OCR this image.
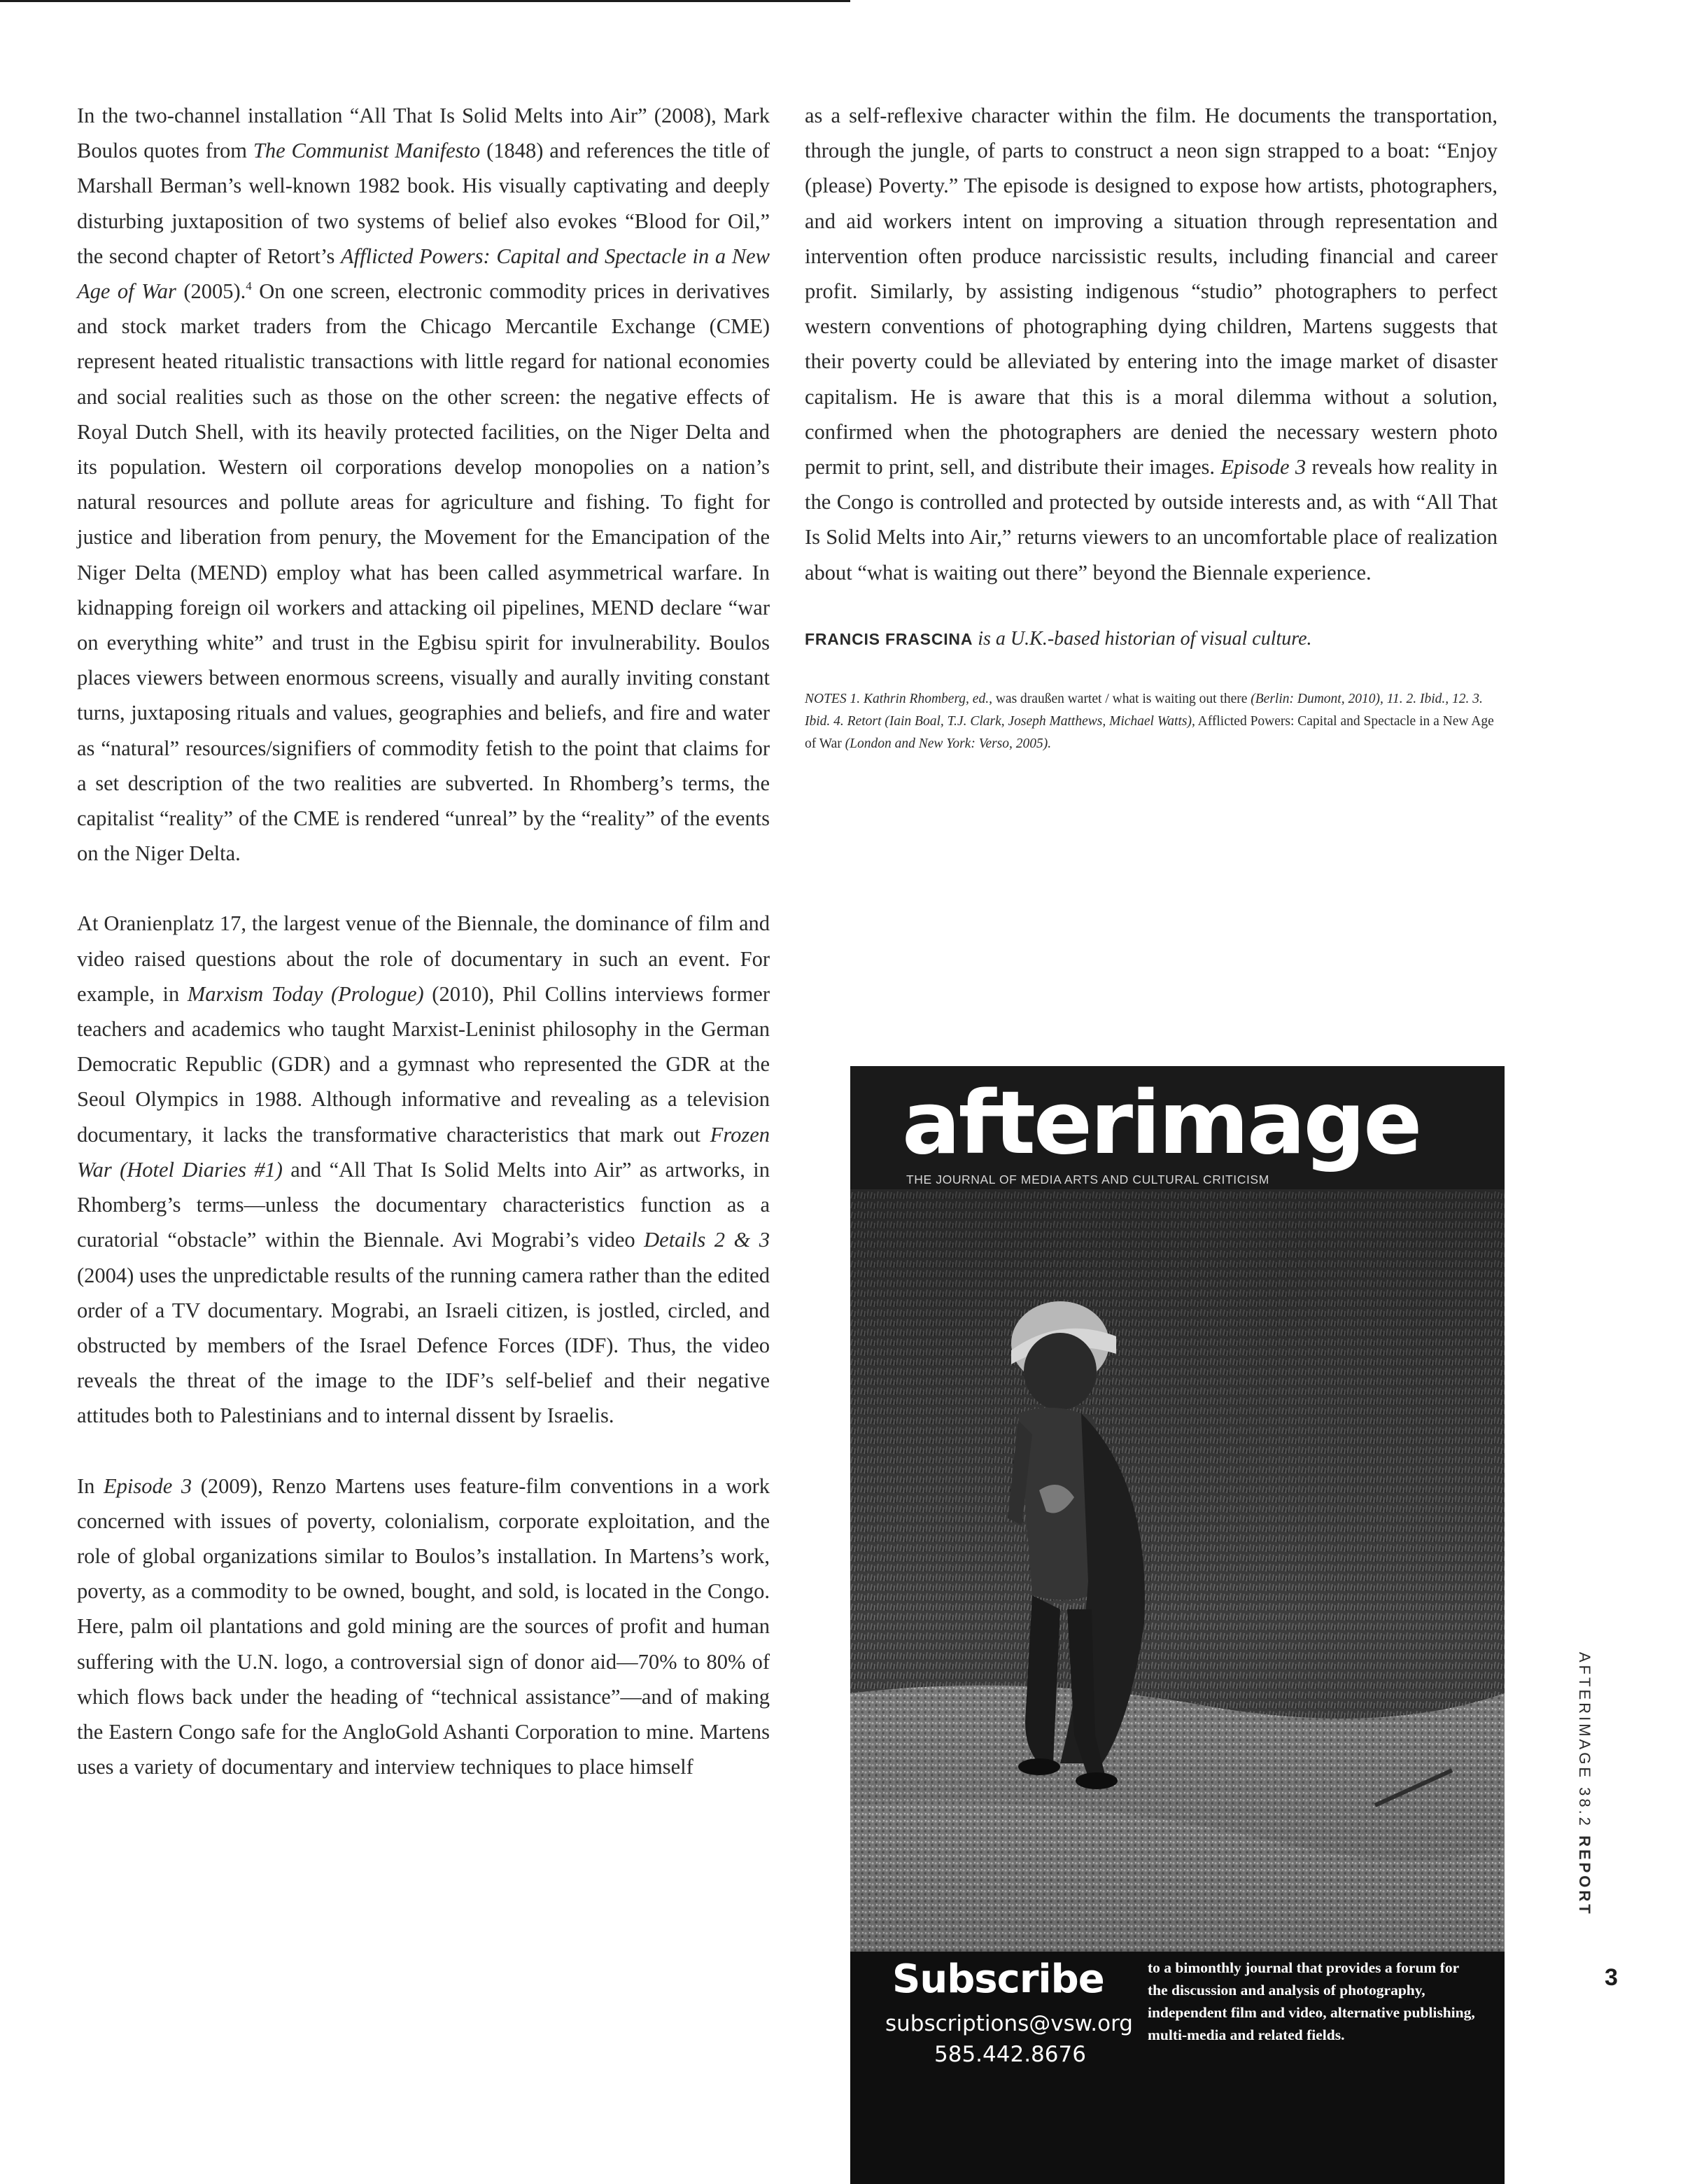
In the two-channel installation “All That Is Solid Melts into Air” (2008), Mark Boulos quotes from The Communist Manifesto (1848) and references the title of Marshall Berman’s well-known 1982 book. His visually captivating and deeply disturbing juxtaposition of two systems of belief also evokes “Blood for Oil,” the second chapter of Retort’s Afflicted Powers: Capital and Spectacle in a New Age of War (2005).$^4$ On one screen, electronic commodity prices in derivatives and stock market traders from the Chicago Mercantile Exchange (CME) represent heated ritualistic transactions with little regard for national economies and social realities such as those on the other screen: the negative effects of Royal Dutch Shell, with its heavily protected facilities, on the Niger Delta and its population. Western oil corporations develop monopolies on a nation’s natural resources and pollute areas for agriculture and fishing. To fight for justice and liberation from penury, the Movement for the Emancipation of the Niger Delta (MEND) employ what has been called asymmetrical warfare. In kidnapping foreign oil workers and attacking oil pipelines, MEND declare “war on everything white” and trust in the Egbisu spirit for invulnerability. Boulos places viewers between enormous screens, visually and aurally inviting constant turns, juxtaposing rituals and values, geographies and beliefs, and fire and water as “natural” resources/signifiers of commodity fetish to the point that claims for a set description of the two realities are subverted. In Rhomberg’s terms, the capitalist “reality” of the CME is rendered “unreal” by the “reality” of the events on the Niger Delta.

At Oranienplatz 17, the largest venue of the Biennale, the dominance of film and video raised questions about the role of documentary in such an event. For example, in Marxism Today (Prologue) (2010), Phil Collins interviews former teachers and academics who taught Marxist-Leninist philosophy in the German Democratic Republic (GDR) and a gymnast who represented the GDR at the Seoul Olympics in 1988. Although informative and revealing as a television documentary, it lacks the transformative characteristics that mark out Frozen War (Hotel Diaries #1) and “All That Is Solid Melts into Air” as artworks, in Rhomberg’s terms—unless the documentary characteristics function as a curatorial “obstacle” within the Biennale. Avi Mograbi’s video Details 2 & 3 (2004) uses the unpredictable results of the running camera rather than the edited order of a TV documentary. Mograbi, an Israeli citizen, is jostled, circled, and obstructed by members of the Israel Defence Forces (IDF). Thus, the video reveals the threat of the image to the IDF’s self-belief and their negative attitudes both to Palestinians and to internal dissent by Israelis.

In Episode 3 (2009), Renzo Martens uses feature-film conventions in a work concerned with issues of poverty, colonialism, corporate exploitation, and the role of global organizations similar to Boulos’s installation. In Martens’s work, poverty, as a commodity to be owned, bought, and sold, is located in the Congo. Here, palm oil plantations and gold mining are the sources of profit and human suffering with the U.N. logo, a controversial sign of donor aid—70% to 80% of which flows back under the heading of “technical assistance”—and of making the Eastern Congo safe for the AngloGold Ashanti Corporation to mine. Martens uses a variety of documentary and interview techniques to place himself

as a self-reflexive character within the film. He documents the transportation, through the jungle, of parts to construct a neon sign strapped to a boat: “Enjoy (please) Poverty.” The episode is designed to expose how artists, photographers, and aid workers intent on improving a situation through representation and intervention often produce narcissistic results, including financial and career profit. Similarly, by assisting indigenous “studio” photographers to perfect western conventions of photographing dying children, Martens suggests that their poverty could be alleviated by entering into the image market of disaster capitalism. He is aware that this is a moral dilemma without a solution, confirmed when the photographers are denied the necessary western photo permit to print, sell, and distribute their images. Episode 3 reveals how reality in the Congo is controlled and protected by outside interests and, as with “All That Is Solid Melts into Air,” returns viewers to an uncomfortable place of realization about “what is waiting out there” beyond the Biennale experience.

FRANCIS FRASCINA is a U.K.-based historian of visual culture.

NOTES 1. Kathrin Rhomberg, ed., was draußen wartet / what is waiting out there (Berlin: Dumont, 2010), 11. 2. Ibid., 12. 3. Ibid. 4. Retort (Iain Boal, T.J. Clark, Joseph Matthews, Michael Watts), Afflicted Powers: Capital and Spectacle in a New Age of War (London and New York: Verso, 2005).

afterimage
THE JOURNAL OF MEDIA ARTS AND CULTURAL CRITICISM
Subscribe
subscriptions@vsw.org
585.442.8676
to a bimonthly journal that provides a forum for the discussion and analysis of photography, independent film and video, alternative publishing, multi-media and related fields.
AFTERIMAGE 38.2 REPORT
3
